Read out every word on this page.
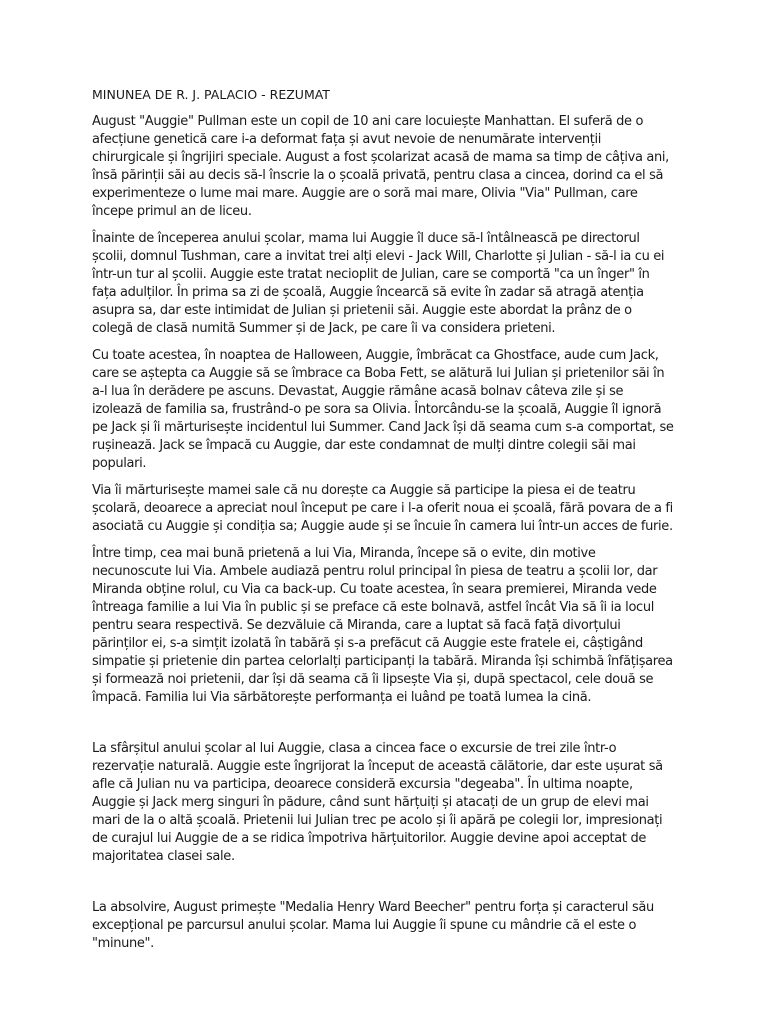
MINUNEA DE R. J. PALACIO - REZUMAT

August "Auggie" Pullman este un copil de 10 ani care locuiește Manhattan. El suferă de o afecțiune genetică care i-a deformat fața și avut nevoie de nenumărate intervenții chirurgicale și îngrijiri speciale. August a fost școlarizat acasă de mama sa timp de câțiva ani, însă părinții săi au decis să-l înscrie la o școală privată, pentru clasa a cincea, dorind ca el să experimenteze o lume mai mare. Auggie are o soră mai mare, Olivia "Via" Pullman, care începe primul an de liceu.

Înainte de începerea anului școlar, mama lui Auggie îl duce să-l întâlnească pe directorul școlii, domnul Tushman, care a invitat trei alți elevi - Jack Will, Charlotte și Julian - să-l ia cu ei într-un tur al școlii. Auggie este tratat necioplit de Julian, care se comportă "ca un înger" în fața adulților. În prima sa zi de școală, Auggie încearcă să evite în zadar să atragă atenția asupra sa, dar este intimidat de Julian și prietenii săi. Auggie este abordat la prânz de o colegă de clasă numită Summer și de Jack, pe care îi va considera prieteni.

Cu toate acestea, în noaptea de Halloween, Auggie, îmbrăcat ca Ghostface, aude cum Jack, care se aștepta ca Auggie să se îmbrace ca Boba Fett, se alătură lui Julian și prietenilor săi în a-l lua în derădere pe ascuns. Devastat, Auggie rămâne acasă bolnav câteva zile și se izolează de familia sa, frustrând-o pe sora sa Olivia. Întorcându-se la școală, Auggie îl ignoră pe Jack și îi mărturisește incidentul lui Summer. Cand Jack își dă seama cum s-a comportat, se rușinează. Jack se împacă cu Auggie, dar este condamnat de mulți dintre colegii săi mai populari.

Via îi mărturisește mamei sale că nu dorește ca Auggie să participe la piesa ei de teatru școlară, deoarece a apreciat noul început pe care i l-a oferit noua ei școală, fără povara de a fi asociată cu Auggie și condiția sa; Auggie aude și se încuie în camera lui într-un acces de furie.

Între timp, cea mai bună prietenă a lui Via, Miranda, începe să o evite, din motive necunoscute lui Via. Ambele audiază pentru rolul principal în piesa de teatru a școlii lor, dar Miranda obține rolul, cu Via ca back-up. Cu toate acestea, în seara premierei, Miranda vede întreaga familie a lui Via în public și se preface că este bolnavă, astfel încât Via să îi ia locul pentru seara respectivă. Se dezvăluie că Miranda, care a luptat să facă față divorțului părinților ei, s-a simțit izolată în tabără și s-a prefăcut că Auggie este fratele ei, câștigând simpatie și prietenie din partea celorlalți participanți la tabără. Miranda își schimbă înfățișarea și formează noi prietenii, dar își dă seama că îi lipsește Via și, după spectacol, cele două se împacă. Familia lui Via sărbătorește performanța ei luând pe toată lumea la cină.

La sfârșitul anului școlar al lui Auggie, clasa a cincea face o excursie de trei zile într-o rezervație naturală. Auggie este îngrijorat la început de această călătorie, dar este ușurat să afle că Julian nu va participa, deoarece consideră excursia "degeaba". În ultima noapte, Auggie și Jack merg singuri în pădure, când sunt hărțuiți și atacați de un grup de elevi mai mari de la o altă școală. Prietenii lui Julian trec pe acolo și îi apără pe colegii lor, impresionați de curajul lui Auggie de a se ridica împotriva hărțuitorilor. Auggie devine apoi acceptat de majoritatea clasei sale.

La absolvire, August primește "Medalia Henry Ward Beecher" pentru forța și caracterul său excepțional pe parcursul anului școlar. Mama lui Auggie îi spune cu mândrie că el este o "minune".
